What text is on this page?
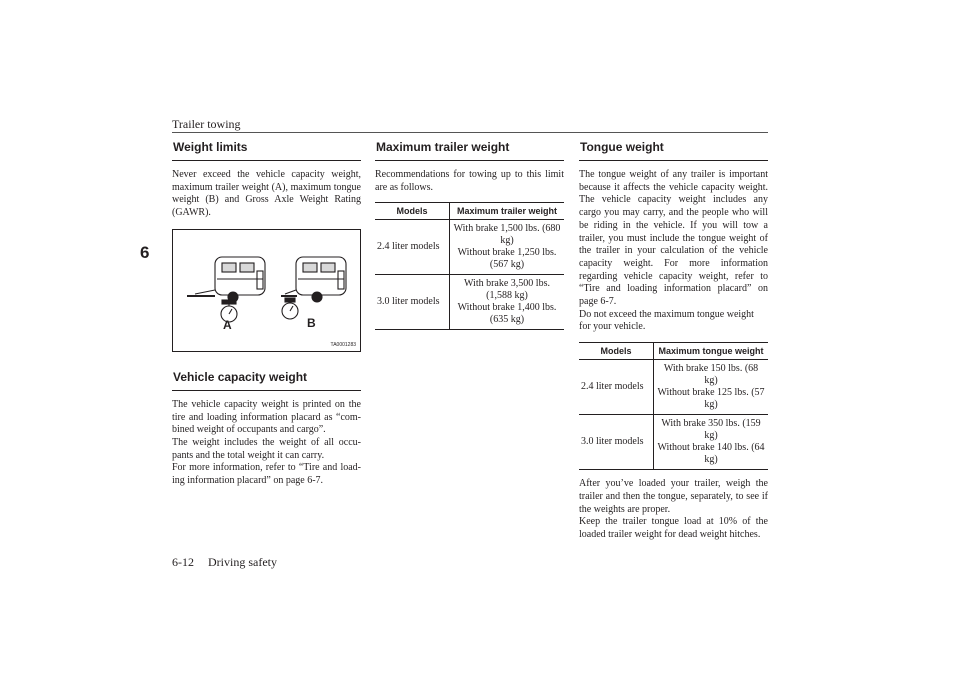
Trailer towing
6
Weight limits

Never exceed the vehicle capacity weight, maximum trailer weight (A), maximum tongue weight (B) and Gross Axle Weight Rating (GAWR).

A	B
TA0001283
Vehicle capacity weight

The vehicle capacity weight is printed on the tire and loading information placard as “com-bined weight of occupants and cargo”.

The weight includes the weight of all occu-pants and the total weight it can carry.

For more information, refer to “Tire and load-ing information placard” on page 6-7.

Maximum trailer weight

Recommendations for towing up to this limit are as follows.

Models	Maximum trailer weight
2.4 liter models	With brake 1,500 lbs. (680 kg)
Without brake 1,250 lbs. (567 kg)

3.0 liter models	With brake 3,500 lbs. (1,588 kg)
Without brake 1,400 lbs. (635 kg)
Tongue weight

The tongue weight of any trailer is important because it affects the vehicle capacity weight. The vehicle capacity weight includes any cargo you may carry, and the people who will be riding in the vehicle. If you will tow a trailer, you must include the tongue weight of the trailer in your calculation of the vehicle capacity weight. For more information regarding vehicle capacity weight, refer to “Tire and loading information placard” on page 6-7.

Do not exceed the maximum tongue weight for your vehicle.

Models	Maximum tongue weight
2.4 liter models	With brake 150 lbs. (68 kg)
Without brake 125 lbs. (57 kg)

3.0 liter models	With brake 350 lbs. (159 kg)
Without brake 140 lbs. (64 kg)

After you’ve loaded your trailer, weigh the trailer and then the tongue, separately, to see if the weights are proper.

Keep the trailer tongue load at 10% of the loaded trailer weight for dead weight hitches.

6-12 Driving safety
